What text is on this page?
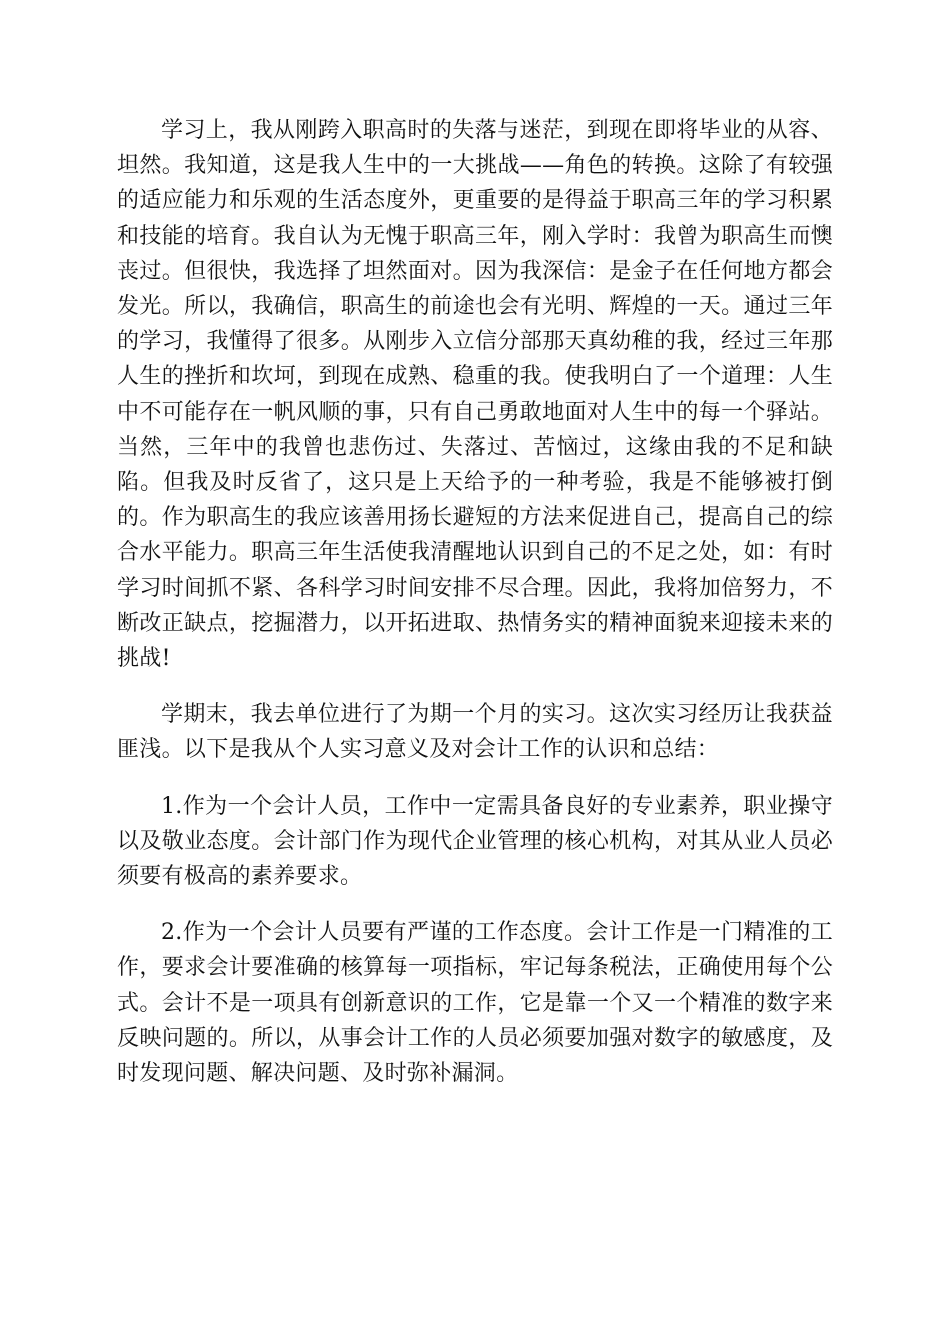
学习上，我从刚跨入职高时的失落与迷茫，到现在即将毕业的从容、坦然。我知道，这是我人生中的一大挑战——角色的转换。这除了有较强的适应能力和乐观的生活态度外，更重要的是得益于职高三年的学习积累和技能的培育。我自认为无愧于职高三年，刚入学时：我曾为职高生而懊丧过。但很快，我选择了坦然面对。因为我深信：是金子在任何地方都会发光。所以，我确信，职高生的前途也会有光明、辉煌的一天。通过三年的学习，我懂得了很多。从刚步入立信分部那天真幼稚的我，经过三年那人生的挫折和坎坷，到现在成熟、稳重的我。使我明白了一个道理：人生中不可能存在一帆风顺的事，只有自己勇敢地面对人生中的每一个驿站。当然，三年中的我曾也悲伤过、失落过、苦恼过，这缘由我的不足和缺陷。但我及时反省了，这只是上天给予的一种考验，我是不能够被打倒的。作为职高生的我应该善用扬长避短的方法来促进自己，提高自己的综合水平能力。职高三年生活使我清醒地认识到自己的不足之处，如：有时学习时间抓不紧、各科学习时间安排不尽合理。因此，我将加倍努力，不断改正缺点，挖掘潜力，以开拓进取、热情务实的精神面貌来迎接未来的挑战!

学期末，我去单位进行了为期一个月的实习。这次实习经历让我获益匪浅。以下是我从个人实习意义及对会计工作的认识和总结：

1.作为一个会计人员，工作中一定需具备良好的专业素养，职业操守以及敬业态度。会计部门作为现代企业管理的核心机构，对其从业人员必须要有极高的素养要求。

2.作为一个会计人员要有严谨的工作态度。会计工作是一门精准的工作，要求会计要准确的核算每一项指标，牢记每条税法，正确使用每个公式。会计不是一项具有创新意识的工作，它是靠一个又一个精准的数字来反映问题的。所以，从事会计工作的人员必须要加强对数字的敏感度，及时发现问题、解决问题、及时弥补漏洞。
